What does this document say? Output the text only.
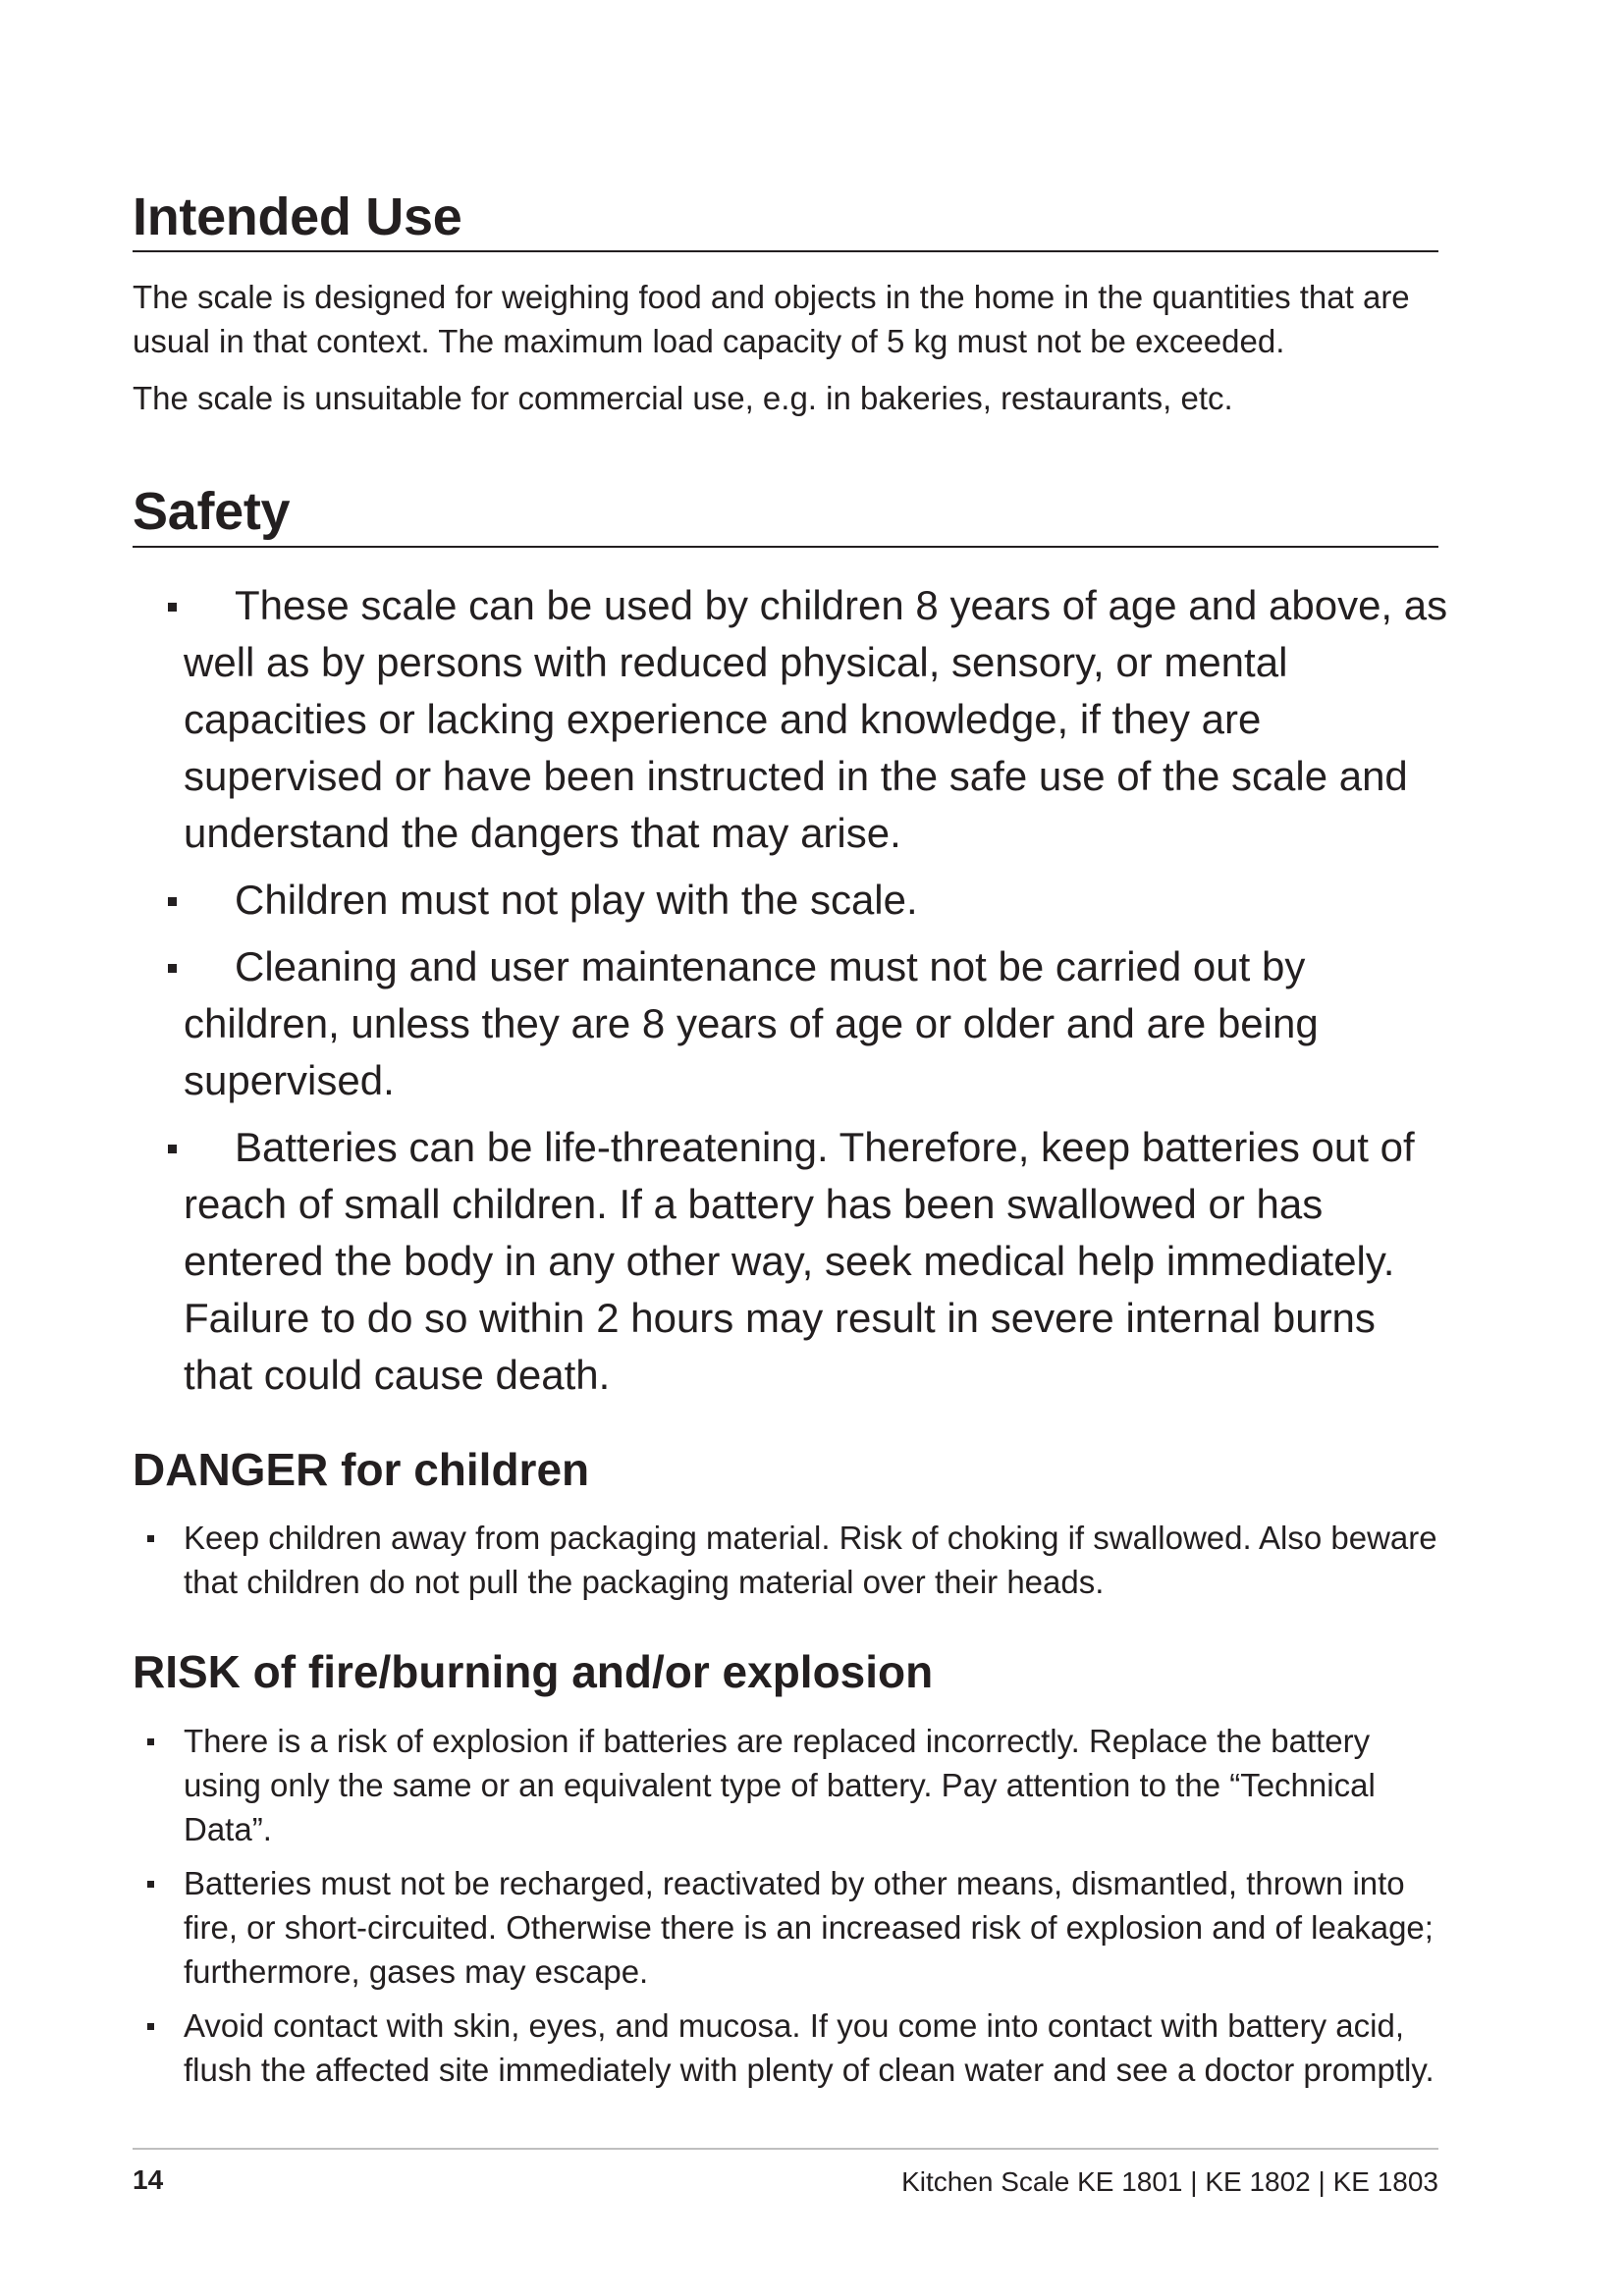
Intended Use

The scale is designed for weighing food and objects in the home in the quantities that are usual in that context. The maximum load capacity of 5 kg must not be exceeded.

The scale is unsuitable for commercial use, e.g. in bakeries, restaurants, etc.

Safety
These scale can be used by children 8 years of age and above, as well as by persons with reduced physical, sensory, or mental capacities or lacking experience and knowledge, if they are supervised or have been instructed in the safe use of the scale and understand the dangers that may arise.
Children must not play with the scale.
Cleaning and user maintenance must not be carried out by children, unless they are 8 years of age or older and are being supervised.
Batteries can be life-threatening. Therefore, keep batteries out of reach of small children. If a battery has been swallowed or has entered the body in any other way, seek medical help immediately. Failure to do so within 2 hours may result in severe internal burns that could cause death.
DANGER for children
Keep children away from packaging material. Risk of choking if swallowed. Also beware that children do not pull the packaging material over their heads.
RISK of fire/burning and/or explosion
There is a risk of explosion if batteries are replaced incorrectly. Replace the battery using only the same or an equivalent type of battery. Pay attention to the “Technical Data”.
Batteries must not be recharged, reactivated by other means, dismantled, thrown into fire, or short-circuited. Otherwise there is an increased risk of explosion and of leakage; furthermore, gases may escape.
Avoid contact with skin, eyes, and mucosa. If you come into contact with battery acid, flush the affected site immediately with plenty of clean water and see a doctor promptly.
14	Kitchen Scale KE 1801 | KE 1802 | KE 1803
